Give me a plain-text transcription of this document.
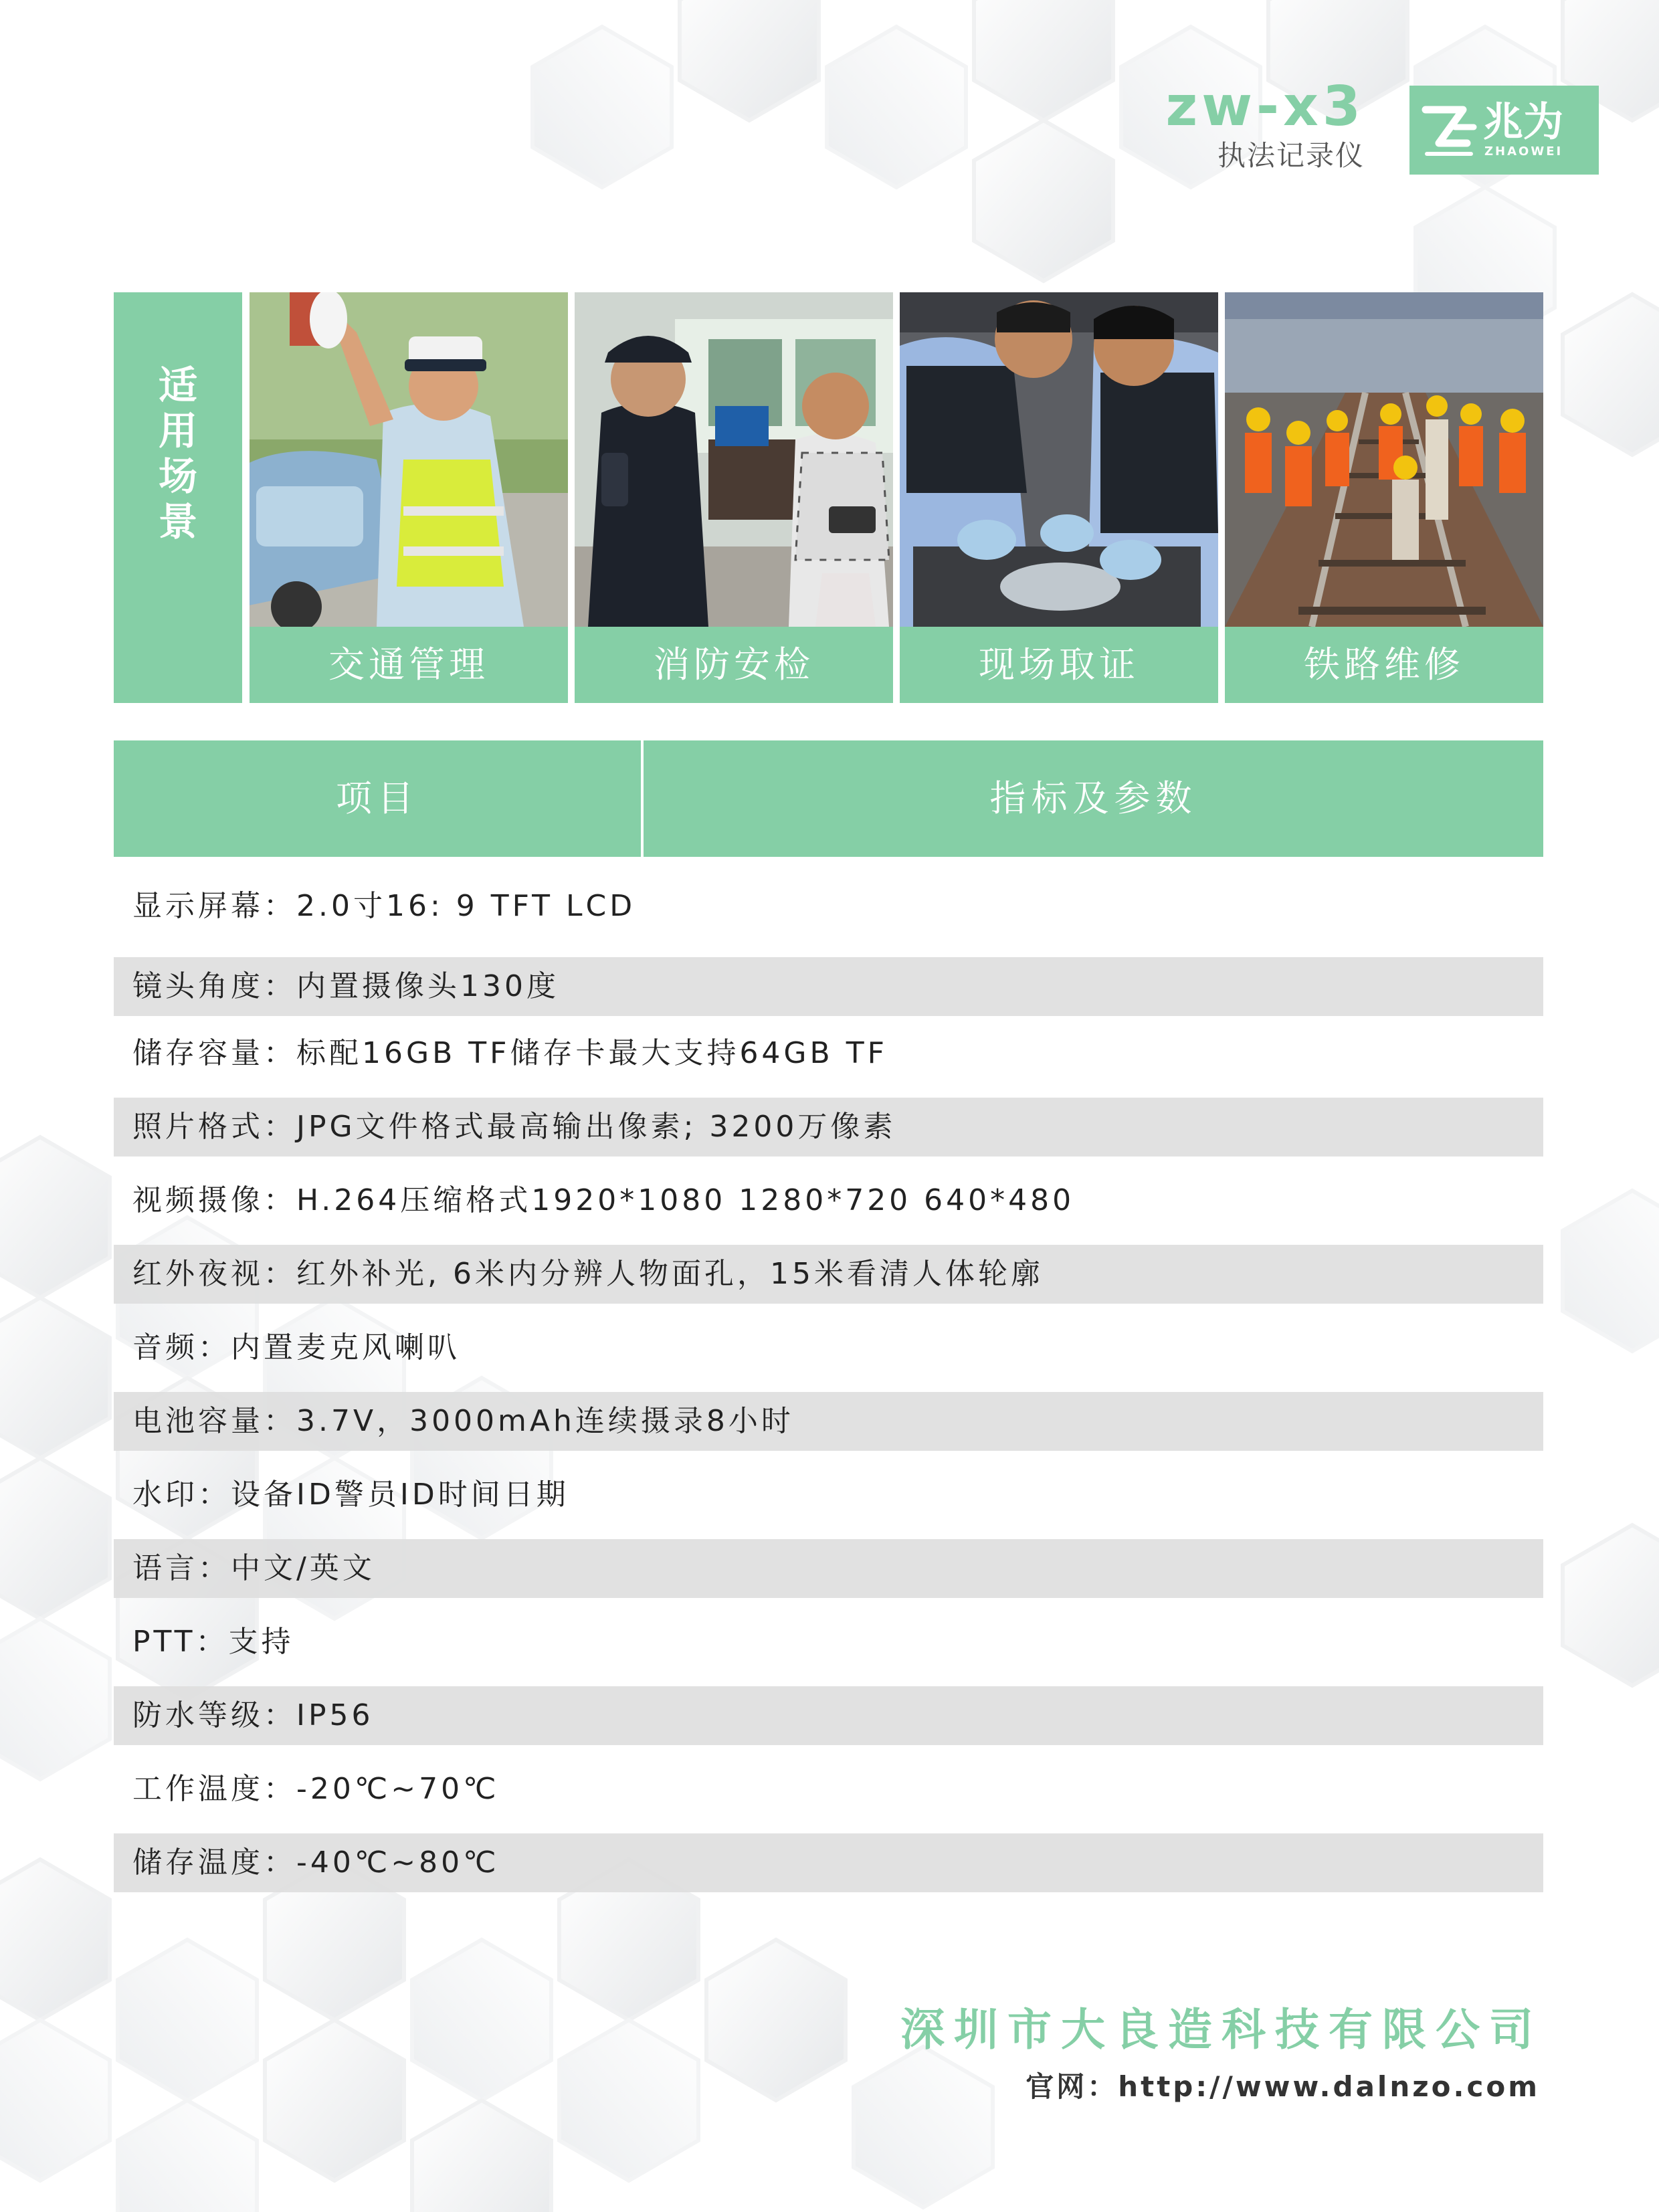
zw-x3
执法记录仪
兆为
ZHAOWEI
适
用
场
景
交通管理	消防安检	现场取证	铁路维修
项目	指标及参数
显示屏幕：2.0寸16: 9 TFT LCD
镜头角度：内置摄像头130度
储存容量：标配16GB TF储存卡最大支持64GB TF
照片格式：JPG文件格式最高输出像素; 3200万像素
视频摄像：H.264压缩格式1920*1080 1280*720 640*480
红外夜视：红外补光, 6米内分辨人物面孔，15米看清人体轮廓
音频：内置麦克风喇叭
电池容量：3.7V，3000mAh连续摄录8小时
水印：设备ID警员ID时间日期
语言：中文/英文
PTT：支持
防水等级：IP56
工作温度：-20℃~70℃
储存温度：-40℃~80℃
深圳市大良造科技有限公司
官网：http://www.dalnzo.com
